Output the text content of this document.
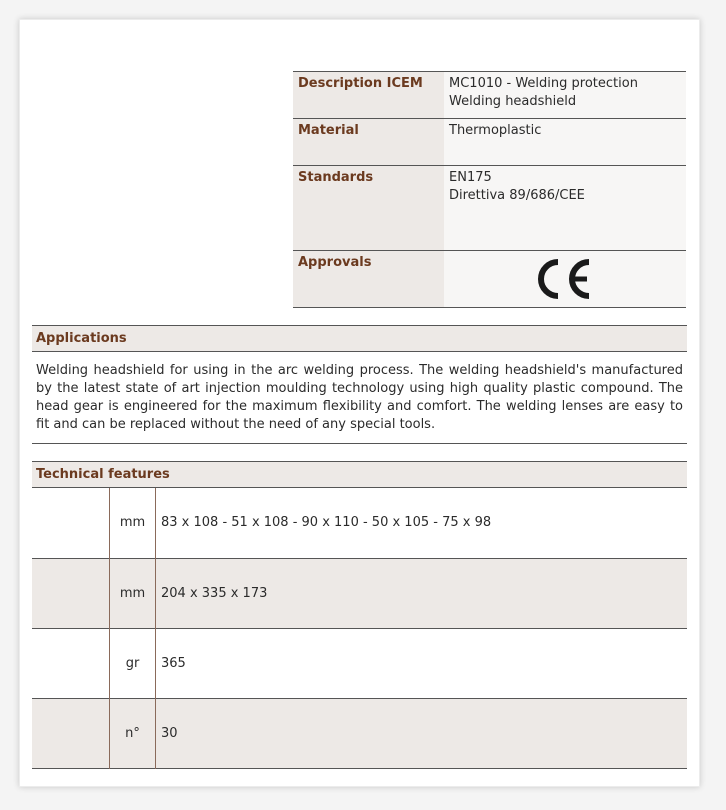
Description ICEM	MC1010 - Welding protection
Welding headshield

Material	Thermoplastic

Standards	EN175
Direttiva 89/686/CEE

Approvals	
Applications
Welding headshield for using in the arc welding process. The welding headshield's manufactured by the latest state of art injection moulding technology using high quality plastic compound. The head gear is engineered for the maximum flexibility and comfort. The welding lenses are easy to fit and can be replaced without the need of any special tools.
Technical features
	mm	83 x 108 - 51 x 108 - 90 x 110 - 50 x 105 - 75 x 98
	mm	204 x 335 x 173
	gr	365
	n°	30
